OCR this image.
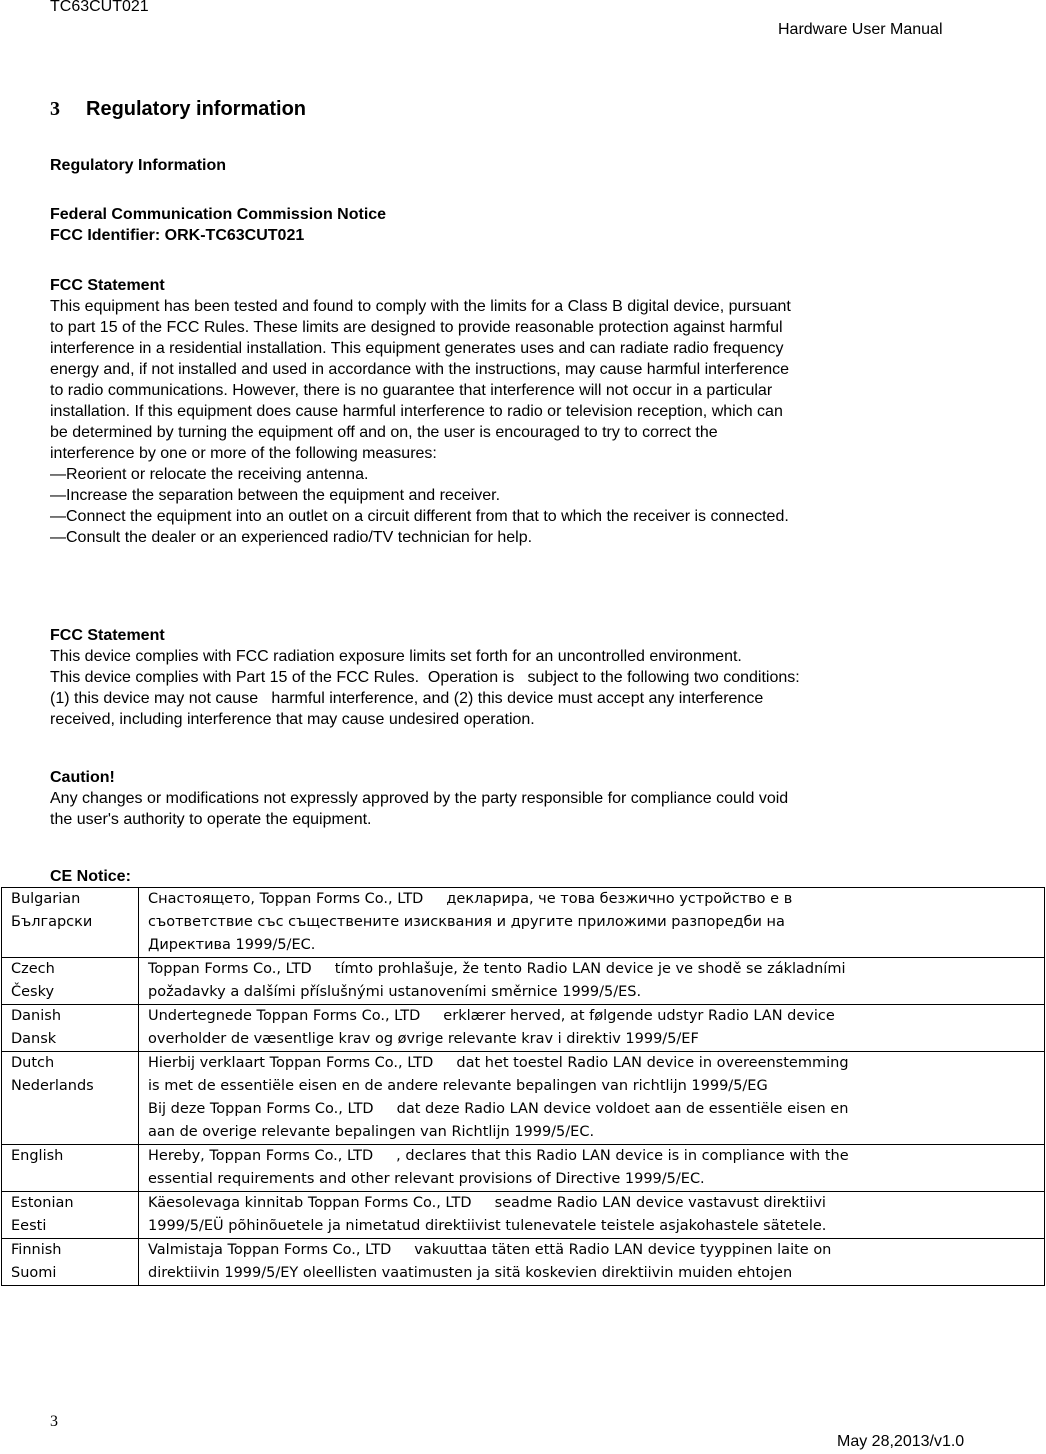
TC63CUT021
Hardware User Manual
3 Regulatory information
Regulatory Information
Federal Communication Commission Notice
FCC Identifier: ORK-TC63CUT021
FCC Statement
This equipment has been tested and found to comply with the limits for a Class B digital device, pursuant
to part 15 of the FCC Rules. These limits are designed to provide reasonable protection against harmful
interference in a residential installation. This equipment generates uses and can radiate radio frequency
energy and, if not installed and used in accordance with the instructions, may cause harmful interference
to radio communications. However, there is no guarantee that interference will not occur in a particular
installation. If this equipment does cause harmful interference to radio or television reception, which can
be determined by turning the equipment off and on, the user is encouraged to try to correct the
interference by one or more of the following measures:
—Reorient or relocate the receiving antenna.
—Increase the separation between the equipment and receiver.
—Connect the equipment into an outlet on a circuit different from that to which the receiver is connected.
—Consult the dealer or an experienced radio/TV technician for help.
FCC Statement
This device complies with FCC radiation exposure limits set forth for an uncontrolled environment.
This device complies with Part 15 of the FCC Rules.  Operation is   subject to the following two conditions:
(1) this device may not cause   harmful interference, and (2) this device must accept any interference
received, including interference that may cause undesired operation.
Caution!
Any changes or modifications not expressly approved by the party responsible for compliance could void
the user's authority to operate the equipment.
CE Notice:
Bulgarian
Български	Снастоящето, Toppan Forms Co., LTD     декларира, че това безжично устройство е в
съответствие със съществените изисквания и другите приложими разпоредби на
Директива 1999/5/ЕС.

Czech
Česky	Toppan Forms Co., LTD     tímto prohlašuje, že tento Radio LAN device je ve shodě se základními
požadavky a dalšími příslušnými ustanoveními směrnice 1999/5/ES.

Danish
Dansk	Undertegnede Toppan Forms Co., LTD     erklærer herved, at følgende udstyr Radio LAN device
overholder de væsentlige krav og øvrige relevante krav i direktiv 1999/5/EF

Dutch
Nederlands	Hierbij verklaart Toppan Forms Co., LTD     dat het toestel Radio LAN device in overeenstemming
is met de essentiële eisen en de andere relevante bepalingen van richtlijn 1999/5/EG
Bij deze Toppan Forms Co., LTD     dat deze Radio LAN device voldoet aan de essentiële eisen en
aan de overige relevante bepalingen van Richtlijn 1999/5/EC.

English	Hereby, Toppan Forms Co., LTD     , declares that this Radio LAN device is in compliance with the
essential requirements and other relevant provisions of Directive 1999/5/EC.

Estonian
Eesti	Käesolevaga kinnitab Toppan Forms Co., LTD     seadme Radio LAN device vastavust direktiivi
1999/5/EÜ põhinõuetele ja nimetatud direktiivist tulenevatele teistele asjakohastele sätetele.

Finnish
Suomi	Valmistaja Toppan Forms Co., LTD     vakuuttaa täten että Radio LAN device tyyppinen laite on
direktiivin 1999/5/EY oleellisten vaatimusten ja sitä koskevien direktiivin muiden ehtojen
3
May 28,2013/v1.0
